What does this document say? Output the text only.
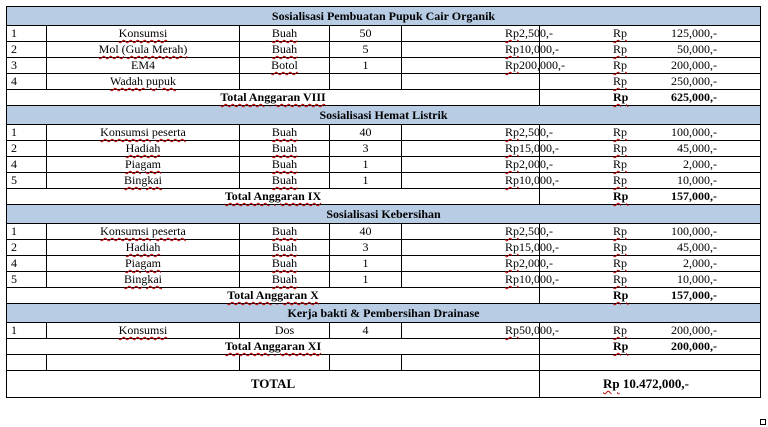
Sosialisasi Pembuatan Pupuk Cair Organik					
1	Konsumsi	Buah	50	Rp 2,500,-	Rp 125,000,-

2	Mol (Gula Merah)	Buah	5	Rp 10,000,-	Rp 50,000,-

3	EM4	Botol	1	Rp 200,000,-	Rp 200,000,-

4	Wadah pupuk				Rp 250,000,-

Total Anggaran VIII					Rp 625,000,-

Sosialisasi Hemat Listrik					
1	Konsumsi peserta	Buah	40	Rp 2,500,-	Rp 100,000,-

2	Hadiah	Buah	3	Rp 15,000,-	Rp 45,000,-

4	Piagam	Buah	1	Rp 2,000,-	Rp 2,000,-

5	Bingkai	Buah	1	Rp 10,000,-	Rp 10,000,-

Total Anggaran IX					Rp 157,000,-

Sosialisasi Kebersihan					
1	Konsumsi peserta	Buah	40	Rp 2,500,-	Rp 100,000,-

2	Hadiah	Buah	3	Rp 15,000,-	Rp 45,000,-

4	Piagam	Buah	1	Rp 2,000,-	Rp 2,000,-

5	Bingkai	Buah	1	Rp 10,000,-	Rp 10,000,-

Total Anggaran X					Rp 157,000,-

Kerja bakti & Pembersihan Drainase					
1	Konsumsi	Dos	4	Rp 50,000,-	Rp 200,000,-

Total Anggaran XI					Rp 200,000,-

TOTAL					Rp 10.472,000,-
